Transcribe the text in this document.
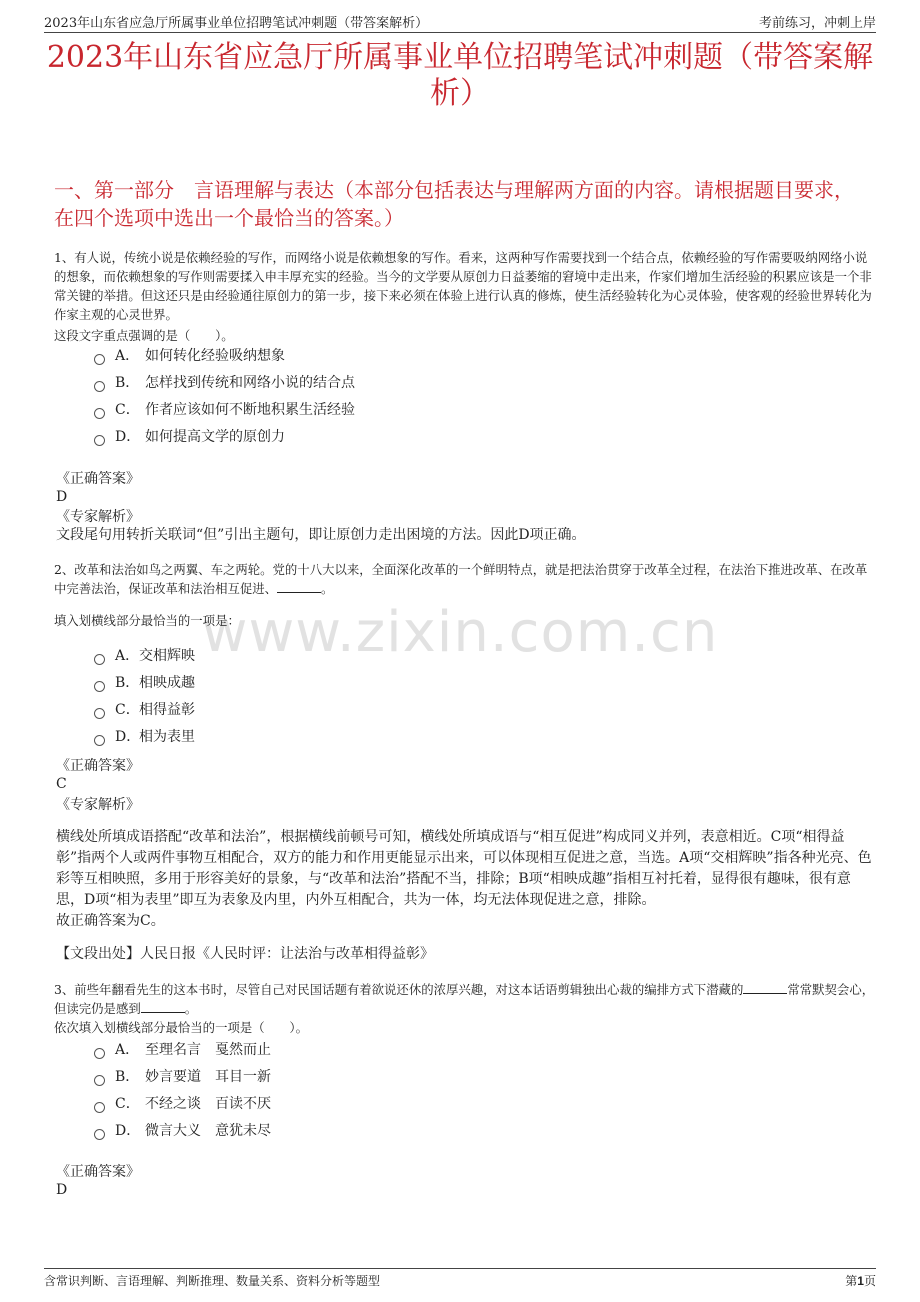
2023年山东省应急厅所属事业单位招聘笔试冲刺题（带答案解析）	考前练习，冲刺上岸
2023年山东省应急厅所属事业单位招聘笔试冲刺题（带答案解析）
一、第一部分　言语理解与表达（本部分包括表达与理解两方面的内容。请根据题目要求，在四个选项中选出一个最恰当的答案。）
www.zixin.com.cn
1、有人说，传统小说是依赖经验的写作，而网络小说是依赖想象的写作。看来，这两种写作需要找到一个结合点，依赖经验的写作需要吸纳网络小说的想象，而依赖想象的写作则需要揉入申丰厚充实的经验。当今的文学要从原创力日益萎缩的窘境中走出来，作家们增加生活经验的积累应该是一个非常关键的举措。但这还只是由经验通往原创力的第一步，接下来必须在体验上进行认真的修炼，使生活经验转化为心灵体验，使客观的经验世界转化为作家主观的心灵世界。
这段文字重点强调的是（　　）。
A． 如何转化经验吸纳想象
B． 怎样找到传统和网络小说的结合点
C． 作者应该如何不断地积累生活经验
D． 如何提高文学的原创力
《正确答案》
D
《专家解析》
文段尾句用转折关联词“但”引出主题句，即让原创力走出困境的方法。因此D项正确。
2、改革和法治如鸟之两翼、车之两轮。党的十八大以来，全面深化改革的一个鲜明特点，就是把法治贯穿于改革全过程，在法治下推进改革、在改革中完善法治，保证改革和法治相互促进、	。
填入划横线部分最恰当的一项是：
A． 交相辉映
B． 相映成趣
C． 相得益彰
D．
相为表里
《正确答案》
C
《专家解析》
横线处所填成语搭配“改革和法治”，根据横线前顿号可知，横线处所填成语与“相互促进”构成同义并列，表意相近。C项“相得益彰”指两个人或两件事物互相配合，双方的能力和作用更能显示出来，可以体现相互促进之意，当选。A项“交相辉映”指各种光亮、色彩等互相映照，多用于形容美好的景象，与“改革和法治”搭配不当，排除；B项“相映成趣”指相互衬托着，显得很有趣味，很有意思，D项“相为表里”即互为表象及内里，内外互相配合，共为一体，均无法体现促进之意，排除。
故正确答案为C。
【文段出处】人民日报《人民时评：让法治与改革相得益彰》
3、前些年翻看先生的这本书时，尽管自己对民国话题有着欲说还休的浓厚兴趣，对这本话语剪辑独出心裁的编排方式下潜藏的	常常默契会心，但读完仍是感到	。
依次填入划横线部分最恰当的一项是（　　）。
A． 至理名言　戛然而止
B． 妙言要道　耳目一新
C． 不经之谈　百读不厌
D． 微言大义　意犹未尽
《正确答案》
D
含常识判断、言语理解、判断推理、数量关系、资料分析等题型	第1页
